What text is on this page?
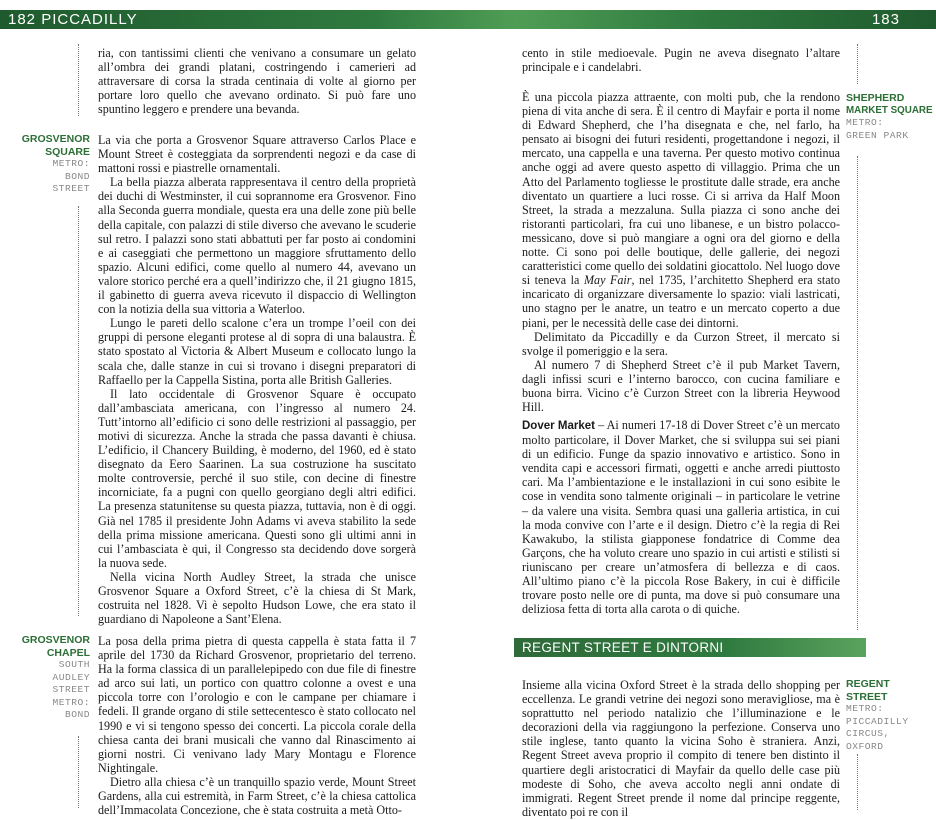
182 PICCADILLY	183
GROSVENOR
SQUARE
METRO:
BOND
STREET
GROSVENOR
CHAPEL
SOUTH
AUDLEY
STREET
METRO:
BOND

ria, con tantissimi clienti che venivano a consumare un gelato all’ombra dei grandi platani, costringendo i camerieri ad attraversare di corsa la strada centinaia di volte al giorno per portare loro quello che avevano ordinato. Si può fare uno spuntino leggero e prendere una bevanda.

La via che porta a Grosvenor Square attraverso Carlos Place e Mount Street è costeggiata da sorprendenti negozi e da case di mattoni rossi e piastrelle ornamentali.

La bella piazza alberata rappresentava il centro della proprietà dei duchi di Westminster, il cui soprannome era Grosvenor. Fino alla Seconda guerra mondiale, questa era una delle zone più belle della capitale, con palazzi di stile diverso che avevano le scuderie sul retro. I palazzi sono stati abbattuti per far posto ai condomini e ai caseggiati che permettono un maggiore sfruttamento dello spazio. Alcuni edifici, come quello al numero 44, avevano un valore storico perché era a quell’indirizzo che, il 21 giugno 1815, il gabinetto di guerra aveva ricevuto il dispaccio di Wellington con la notizia della sua vittoria a Waterloo.

Lungo le pareti dello scalone c’era un trompe l’oeil con dei gruppi di persone eleganti protese al di sopra di una balaustra. È stato spostato al Victoria & Albert Museum e collocato lungo la scala che, dalle stanze in cui si trovano i disegni preparatori di Raffaello per la Cappella Sistina, porta alle British Galleries.

Il lato occidentale di Grosvenor Square è occupato dall’ambasciata americana, con l’ingresso al numero 24. Tutt’intorno all’edificio ci sono delle restrizioni al passaggio, per motivi di sicurezza. Anche la strada che passa davanti è chiusa. L’edificio, il Chancery Building, è moderno, del 1960, ed è stato disegnato da Eero Saarinen. La sua costruzione ha suscitato molte controversie, perché il suo stile, con decine di finestre incorniciate, fa a pugni con quello georgiano degli altri edifici. La presenza statunitense su questa piazza, tuttavia, non è di oggi. Già nel 1785 il presidente John Adams vi aveva stabilito la sede della prima missione americana. Questi sono gli ultimi anni in cui l’ambasciata è qui, il Congresso sta decidendo dove sorgerà la nuova sede.

Nella vicina North Audley Street, la strada che unisce Grosvenor Square a Oxford Street, c’è la chiesa di St Mark, costruita nel 1828. Vi è sepolto Hudson Lowe, che era stato il guardiano di Napoleone a Sant’Elena.

La posa della prima pietra di questa cappella è stata fatta il 7 aprile del 1730 da Richard Grosvenor, proprietario del terreno. Ha la forma classica di un parallelepipedo con due file di finestre ad arco sui lati, un portico con quattro colonne a ovest e una piccola torre con l’orologio e con le campane per chiamare i fedeli. Il grande organo di stile settecentesco è stato collocato nel 1990 e vi si tengono spesso dei concerti. La piccola corale della chiesa canta dei brani musicali che vanno dal Rinascimento ai giorni nostri. Ci venivano lady Mary Montagu e Florence Nightingale.

Dietro alla chiesa c’è un tranquillo spazio verde, Mount Street Gardens, alla cui estremità, in Farm Street, c’è la chiesa cattolica dell’Immacolata Concezione, che è stata costruita a metà Otto-

SHEPHERD
MARKET SQUARE
METRO:
GREEN PARK
REGENT STREET
METRO:
PICCADILLY
CIRCUS,
OXFORD

cento in stile medioevale. Pugin ne aveva disegnato l’altare principale e i candelabri.

È una piccola piazza attraente, con molti pub, che la rendono piena di vita anche di sera. È il centro di Mayfair e porta il nome di Edward Shepherd, che l’ha disegnata e che, nel farlo, ha pensato ai bisogni dei futuri residenti, progettandone i negozi, il mercato, una cappella e una taverna. Per questo motivo continua anche oggi ad avere questo aspetto di villaggio. Prima che un Atto del Parlamento togliesse le prostitute dalle strade, era anche diventato un quartiere a luci rosse. Ci si arriva da Half Moon Street, la strada a mezzaluna. Sulla piazza ci sono anche dei ristoranti particolari, fra cui uno libanese, e un bistro polacco-messicano, dove si può mangiare a ogni ora del giorno e della notte. Ci sono poi delle boutique, delle gallerie, dei negozi caratteristici come quello dei soldatini giocattolo. Nel luogo dove si teneva la May Fair, nel 1735, l’architetto Shepherd era stato incaricato di organizzare diversamente lo spazio: viali lastricati, uno stagno per le anatre, un teatro e un mercato coperto a due piani, per le necessità delle case dei dintorni.

Delimitato da Piccadilly e da Curzon Street, il mercato si svolge il pomeriggio e la sera.

Al numero 7 di Shepherd Street c’è il pub Market Tavern, dagli infissi scuri e l’interno barocco, con cucina familiare e buona birra. Vicino c’è Curzon Street con la libreria Heywood Hill.

Dover Market – Ai numeri 17-18 di Dover Street c’è un mercato molto particolare, il Dover Market, che si sviluppa sui sei piani di un edificio. Funge da spazio innovativo e artistico. Sono in vendita capi e accessori firmati, oggetti e anche arredi piuttosto cari. Ma l’ambientazione e le installazioni in cui sono esibite le cose in vendita sono talmente originali – in particolare le vetrine – da valere una visita. Sembra quasi una galleria artistica, in cui la moda convive con l’arte e il design. Dietro c’è la regia di Rei Kawakubo, la stilista giapponese fondatrice di Comme dea Garçons, che ha voluto creare uno spazio in cui artisti e stilisti si riuniscano per creare un’atmosfera di bellezza e di caos. All’ultimo piano c’è la piccola Rose Bakery, in cui è difficile trovare posto nelle ore di punta, ma dove si può consumare una deliziosa fetta di torta alla carota o di quiche.

REGENT STREET E DINTORNI

Insieme alla vicina Oxford Street è la strada dello shopping per eccellenza. Le grandi vetrine dei negozi sono meravigliose, ma è soprattutto nel periodo natalizio che l’illuminazione e le decorazioni della via raggiungono la perfezione. Conserva uno stile inglese, tanto quanto la vicina Soho è straniera. Anzi, Regent Street aveva proprio il compito di tenere ben distinto il quartiere degli aristocratici di Mayfair da quello delle case più modeste di Soho, che aveva accolto negli anni ondate di immigrati. Regent Street prende il nome dal principe reggente, diventato poi re con il
